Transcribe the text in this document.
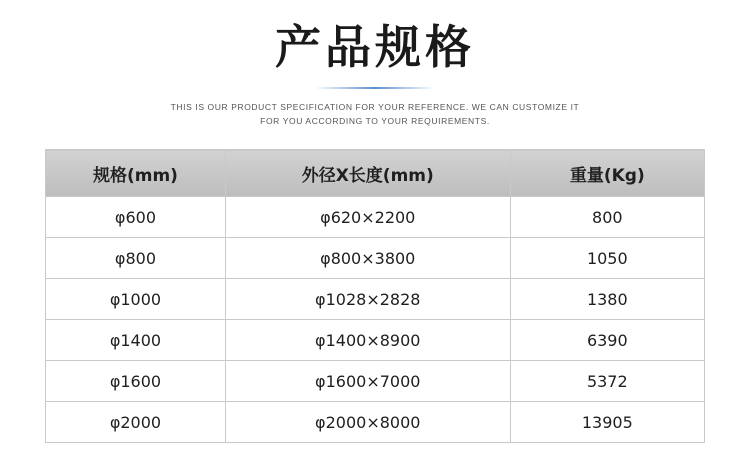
产品规格
THIS IS OUR PRODUCT SPECIFICATION FOR YOUR REFERENCE. WE CAN CUSTOMIZE IT
FOR YOU ACCORDING TO YOUR REQUIREMENTS.
规格(mm)	外径X长度(mm)	重量(Kg)
φ600	φ620×2200	800
φ800	φ800×3800	1050
φ1000	φ1028×2828	1380
φ1400	φ1400×8900	6390
φ1600	φ1600×7000	5372
φ2000	φ2000×8000	13905
